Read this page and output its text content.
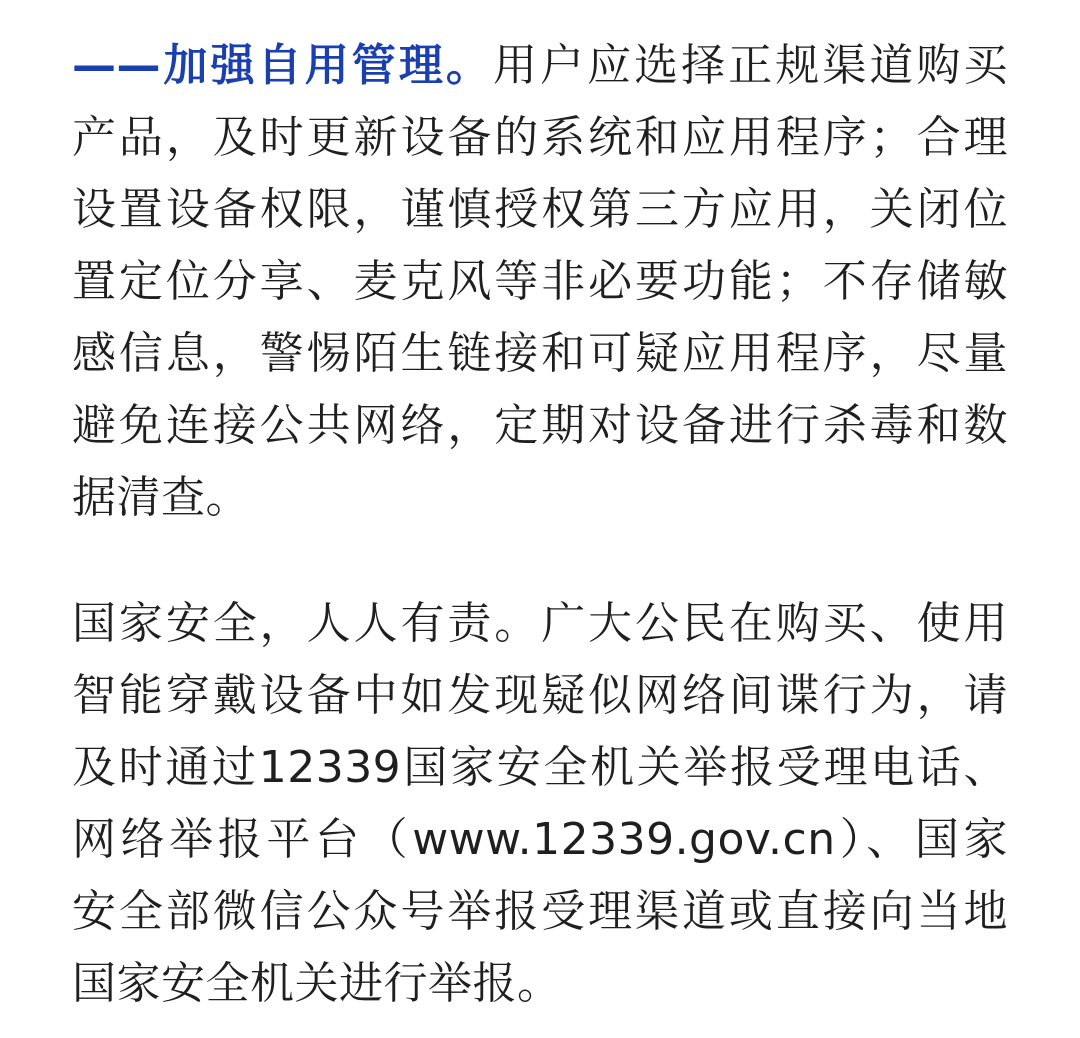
——加强自用管理。用户应选择正规渠道购买
产品，及时更新设备的系统和应用程序；合理
设置设备权限，谨慎授权第三方应用，关闭位
置定位分享、麦克风等非必要功能；不存储敏
感信息，警惕陌生链接和可疑应用程序，尽量
避免连接公共网络，定期对设备进行杀毒和数
据清查。

国家安全，人人有责。广大公民在购买、使用
智能穿戴设备中如发现疑似网络间谍行为，请
及时通过12339国家安全机关举报受理电话、
网络举报平台（www.12339.gov.cn）、国家
安全部微信公众号举报受理渠道或直接向当地
国家安全机关进行举报。
